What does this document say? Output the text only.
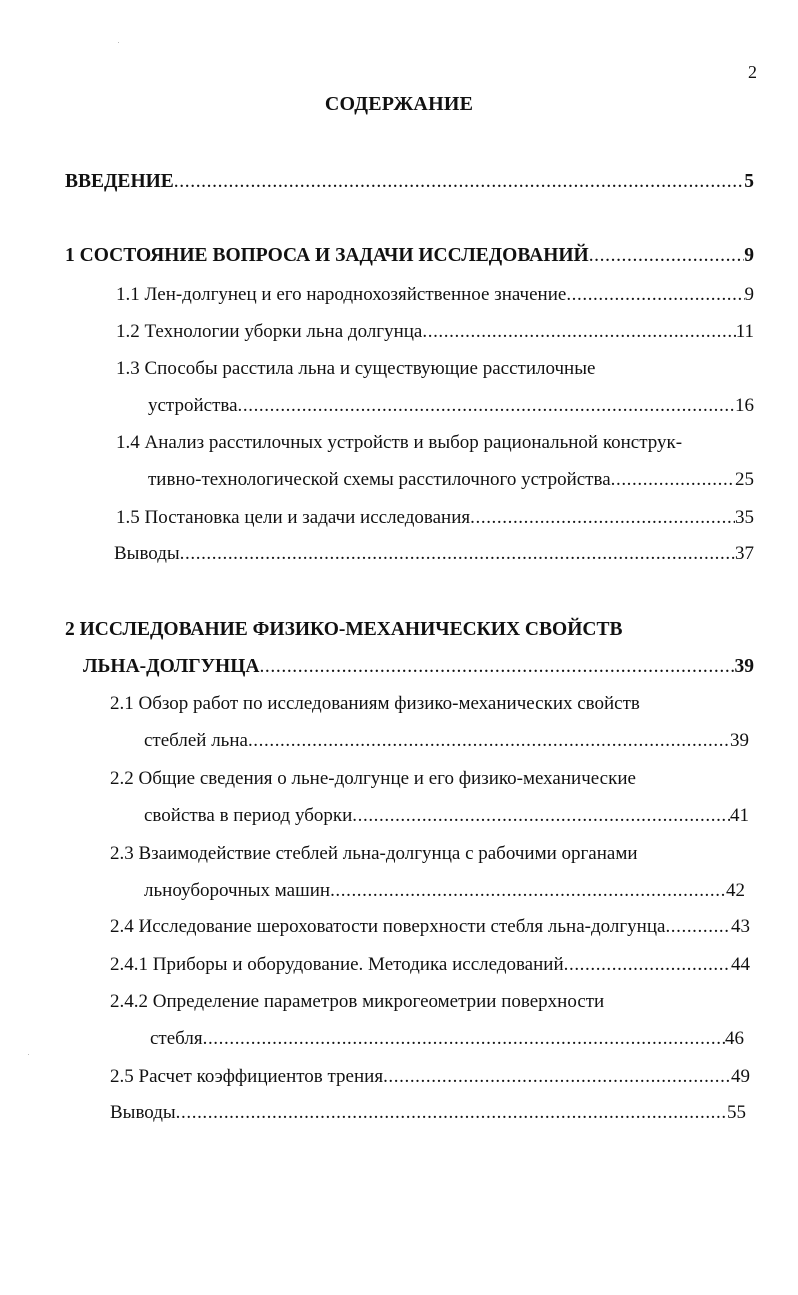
2
СОДЕРЖАНИЕ
ВВЕДЕНИЕ .....	5
1 СОСТОЯНИЕ ВОПРОСА И ЗАДАЧИ ИССЛЕДОВАНИЙ .....	9
1.1 Лен-долгунец и его народнохозяйственное значение .....	9
1.2 Технологии уборки льна долгунца .....	11
1.3 Способы расстила льна и существующие расстилочные
устройства .....	16
1.4 Анализ расстилочных устройств и выбор рациональной конструк-
тивно-технологической схемы расстилочного устройства .....	25
1.5 Постановка цели и задачи исследования .....	35
Выводы .....	37
2 ИССЛЕДОВАНИЕ ФИЗИКО-МЕХАНИЧЕСКИХ СВОЙСТВ
ЛЬНА-ДОЛГУНЦА .....	39
2.1 Обзор работ по исследованиям физико-механических свойств
стеблей льна .....	39
2.2 Общие сведения о льне-долгунце и его физико-механические
свойства в период уборки .....	41
2.3 Взаимодействие стеблей льна-долгунца с рабочими органами
льноуборочных машин .....	42
2.4 Исследование шероховатости поверхности стебля льна-долгунца .....	43
2.4.1 Приборы и оборудование. Методика исследований .....	44
2.4.2 Определение параметров микрогеометрии поверхности
стебля .....	46
2.5 Расчет коэффициентов трения .....	49
Выводы .....	55
